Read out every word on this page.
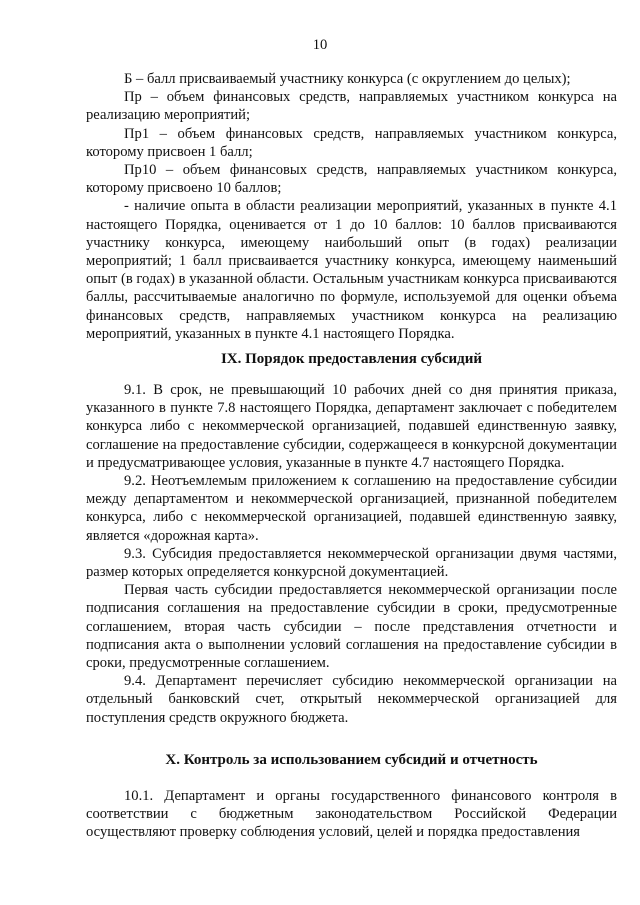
10

Б – балл присваиваемый участнику конкурса (с округлением до целых);

Пр – объем финансовых средств, направляемых участником конкурса на реализацию мероприятий;

Пр1 – объем финансовых средств, направляемых участником конкурса, которому присвоен 1 балл;

Пр10 – объем финансовых средств, направляемых участником конкурса, которому присвоено 10 баллов;

- наличие опыта в области реализации мероприятий, указанных в пункте 4.1 настоящего Порядка, оценивается от 1 до 10 баллов: 10 баллов присваиваются участнику конкурса, имеющему наибольший опыт (в годах) реализации мероприятий; 1 балл присваивается участнику конкурса, имеющему наименьший опыт (в годах) в указанной области. Остальным участникам конкурса присваиваются баллы, рассчитываемые аналогично по формуле, используемой для оценки объема финансовых средств, направляемых участником конкурса на реализацию мероприятий, указанных в пункте 4.1 настоящего Порядка.

IX. Порядок предоставления субсидий

9.1. В срок, не превышающий 10 рабочих дней со дня принятия приказа, указанного в пункте 7.8 настоящего Порядка, департамент заключает с победителем конкурса либо с некоммерческой организацией, подавшей единственную заявку, соглашение на предоставление субсидии, содержащееся в конкурсной документации и предусматривающее условия, указанные в пункте 4.7 настоящего Порядка.

9.2. Неотъемлемым приложением к соглашению на предоставление субсидии между департаментом и некоммерческой организацией, признанной победителем конкурса, либо с некоммерческой организацией, подавшей единственную заявку, является «дорожная карта».

9.3. Субсидия предоставляется некоммерческой организации двумя частями, размер которых определяется конкурсной документацией.

Первая часть субсидии предоставляется некоммерческой организации после подписания соглашения на предоставление субсидии в сроки, предусмотренные соглашением, вторая часть субсидии – после представления отчетности и подписания акта о выполнении условий соглашения на предоставление субсидии в сроки, предусмотренные соглашением.

9.4. Департамент перечисляет субсидию некоммерческой организации на отдельный банковский счет, открытый некоммерческой организацией для поступления средств окружного бюджета.

X. Контроль за использованием субсидий и отчетность

10.1. Департамент и органы государственного финансового контроля в соответствии с бюджетным законодательством Российской Федерации осуществляют проверку соблюдения условий, целей и порядка предоставления
